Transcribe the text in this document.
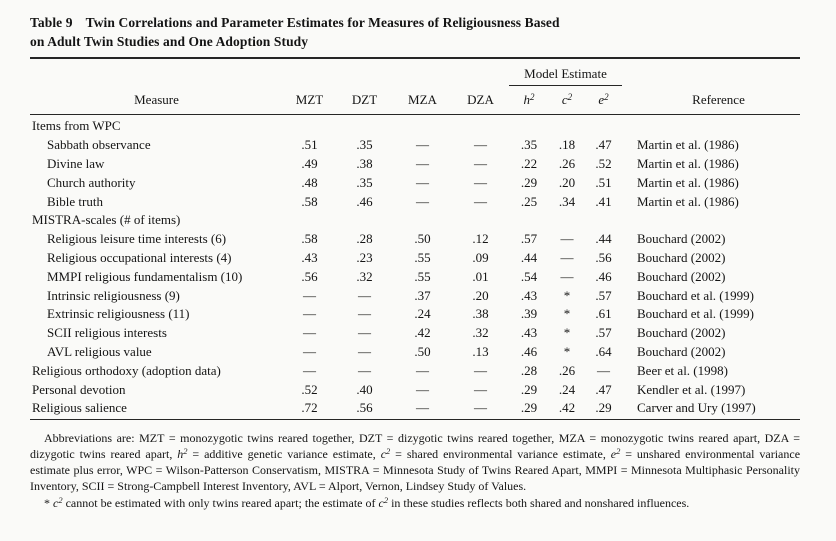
Table 9 Twin Correlations and Parameter Estimates for Measures of Religiousness Based
on Adult Twin Studies and One Adoption Study
Model Estimate
Measure	MZT	DZT	MZA	DZA	$h^2$	$c^2$	$e^2$	Reference
Items from WPC
Sabbath observance	.51	.35	—	—	.35	.18	.47	Martin et al. (1986)
Divine law	.49	.38	—	—	.22	.26	.52	Martin et al. (1986)
Church authority	.48	.35	—	—	.29	.20	.51	Martin et al. (1986)
Bible truth	.58	.46	—	—	.25	.34	.41	Martin et al. (1986)
MISTRA-scales (# of items)
Religious leisure time interests (6)	.58	.28	.50	.12	.57	—	.44	Bouchard (2002)
Religious occupational interests (4)	.43	.23	.55	.09	.44	—	.56	Bouchard (2002)
MMPI religious fundamentalism (10)	.56	.32	.55	.01	.54	—	.46	Bouchard (2002)
Intrinsic religiousness (9)	—	—	.37	.20	.43	*	.57	Bouchard et al. (1999)
Extrinsic religiousness (11)	—	—	.24	.38	.39	*	.61	Bouchard et al. (1999)
SCII religious interests	—	—	.42	.32	.43	*	.57	Bouchard (2002)
AVL religious value	—	—	.50	.13	.46	*	.64	Bouchard (2002)
Religious orthodoxy (adoption data)	—	—	—	—	.28	.26	—	Beer et al. (1998)
Personal devotion	.52	.40	—	—	.29	.24	.47	Kendler et al. (1997)
Religious salience	.72	.56	—	—	.29	.42	.29	Carver and Ury (1997)

Abbreviations are: MZT = monozygotic twins reared together, DZT = dizygotic twins reared together, MZA = monozygotic twins reared apart, DZA = dizygotic twins reared apart, $h^2$ = additive genetic variance estimate, $c^2$ = shared environmental variance estimate, $e^2$ = unshared environmental variance estimate plus error, WPC = Wilson-Patterson Conservatism, MISTRA = Minnesota Study of Twins Reared Apart, MMPI = Minnesota Multiphasic Personality Inventory, SCII = Strong-Campbell Interest Inventory, AVL = Alport, Vernon, Lindsey Study of Values.

* $c^2$ cannot be estimated with only twins reared apart; the estimate of $c^2$ in these studies reflects both shared and nonshared influences.
